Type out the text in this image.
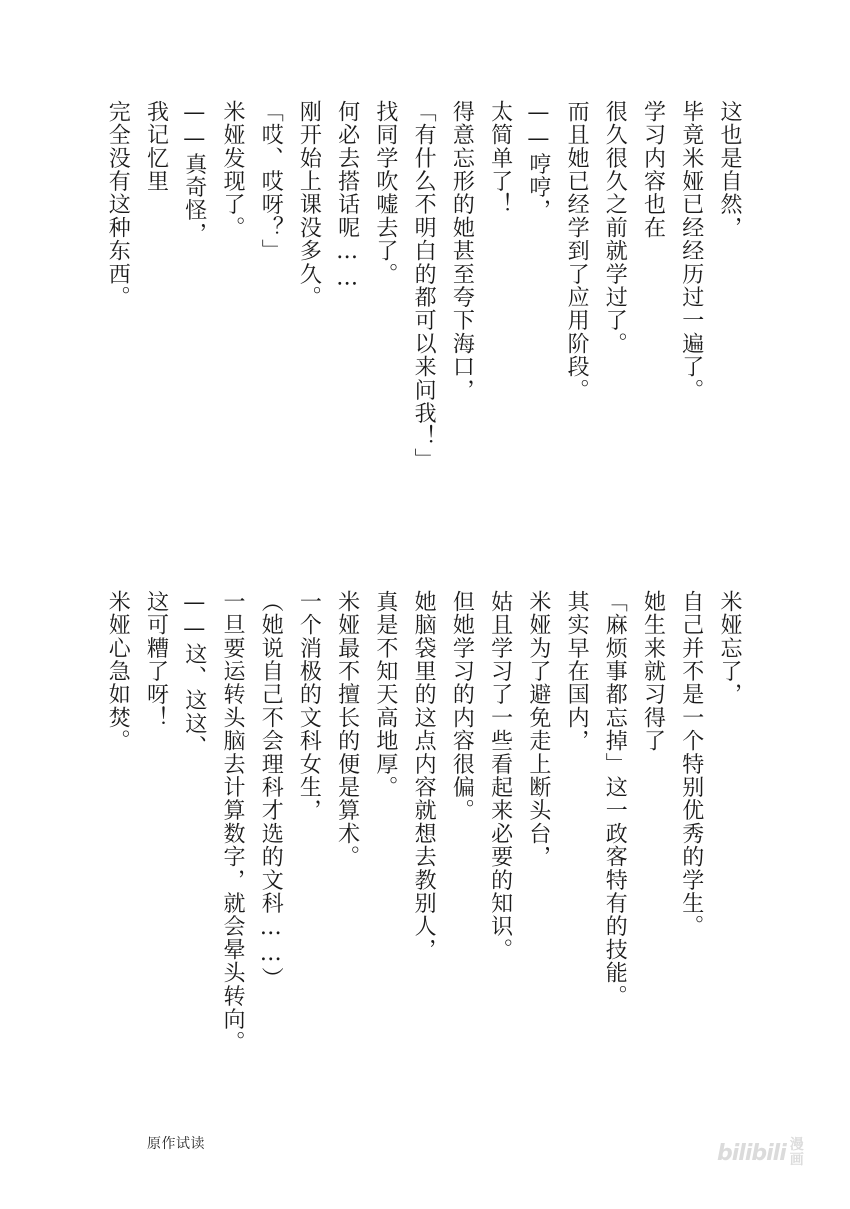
这也是自然，
毕竟米娅已经经历过一遍了。
学习内容也在
很久很久之前就学过了。
而且她已经学到了应用阶段。
——哼哼，
太简单了！
得意忘形的她甚至夸下海口，
「有什么不明白的都可以来问我！」
找同学吹嘘去了。
何必去搭话呢……
刚开始上课没多久。
「哎、哎呀？」
米娅发现了。
——真奇怪，
我记忆里
完全没有这种东西。
米娅忘了，
自己并不是一个特别优秀的学生。
她生来就习得了
「麻烦事都忘掉」这一政客特有的技能。
其实早在国内，
米娅为了避免走上断头台，
姑且学习了一些看起来必要的知识。
但她学习的内容很偏。
她脑袋里的这点内容就想去教别人，
真是不知天高地厚。
米娅最不擅长的便是算术。
一个消极的文科女生，
（她说自己不会理科才选的文科……）
一旦要运转头脑去计算数字，就会晕头转向。
——这、这这、
这可糟了呀！
米娅心急如焚。
原作试读	bilibili 漫
画
